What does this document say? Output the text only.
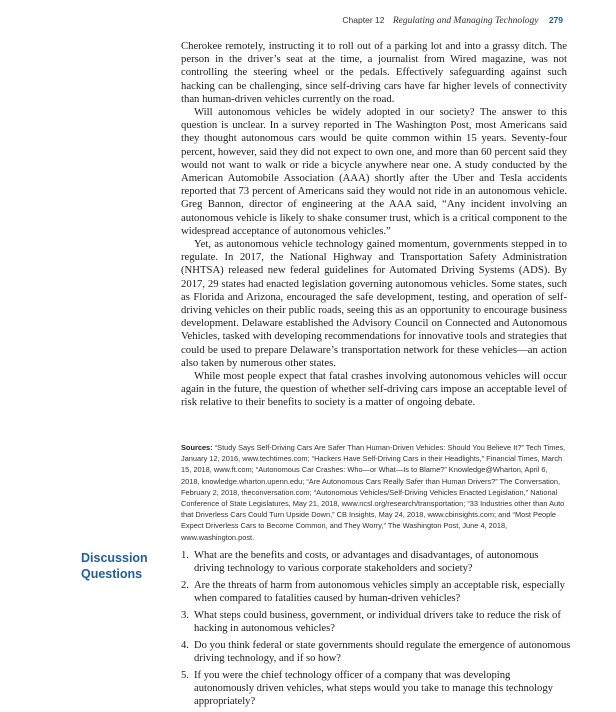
Chapter 12 Regulating and Managing Technology 279

Cherokee remotely, instructing it to roll out of a parking lot and into a grassy ditch. The person in the driver’s seat at the time, a journalist from Wired magazine, was not controlling the steering wheel or the pedals. Effectively safeguarding against such hacking can be challenging, since self-driving cars have far higher levels of connectivity than human-driven vehicles currently on the road.

Will autonomous vehicles be widely adopted in our society? The answer to this question is unclear. In a survey reported in The Washington Post, most Americans said they thought autonomous cars would be quite common within 15 years. Seventy-four percent, however, said they did not expect to own one, and more than 60 percent said they would not want to walk or ride a bicycle anywhere near one. A study conducted by the American Automobile Association (AAA) shortly after the Uber and Tesla accidents reported that 73 percent of Americans said they would not ride in an autonomous vehicle. Greg Bannon, director of engineering at the AAA said, “Any incident involving an autonomous vehicle is likely to shake consumer trust, which is a critical component to the widespread acceptance of autonomous vehicles.”

Yet, as autonomous vehicle technology gained momentum, governments stepped in to regulate. In 2017, the National Highway and Transportation Safety Administration (NHTSA) released new federal guidelines for Automated Driving Systems (ADS). By 2017, 29 states had enacted legislation governing autonomous vehicles. Some states, such as Florida and Arizona, encouraged the safe development, testing, and operation of self-driving vehicles on their public roads, seeing this as an opportunity to encourage business development. Delaware established the Advisory Council on Connected and Autonomous Vehicles, tasked with developing recommendations for innovative tools and strategies that could be used to prepare Delaware’s transportation network for these vehicles—an action also taken by numerous other states.

While most people expect that fatal crashes involving autonomous vehicles will occur again in the future, the question of whether self-driving cars impose an acceptable level of risk relative to their benefits to society is a matter of ongoing debate.

Sources: “Study Says Self-Driving Cars Are Safer Than Human-Driven Vehicles: Should You Believe It?” Tech Times, January 12, 2016, www.techtimes.com; “Hackers Have Self-Driving Cars in their Headlights,” Financial Times, March 15, 2018, www.ft.com; “Autonomous Car Crashes: Who—or What—Is to Blame?” Knowledge@Wharton, April 6, 2018, knowledge.wharton.upenn.edu; “Are Autonomous Cars Really Safer than Human Drivers?” The Conversation, February 2, 2018, theconversation.com; “Autonomous Vehicles/Self-Driving Vehicles Enacted Legislation,” National Conference of State Legislatures, May 21, 2018, www.ncsl.org/research/transportation; “33 Industries other than Auto that Driverless Cars Could Turn Upside Down,” CB Insights, May 24, 2018, www.cbinsights.com; and “Most People Expect Driverless Cars to Become Common, and They Worry,” The Washington Post, June 4, 2018, www.washington.post.
Discussion Questions
1. What are the benefits and costs, or advantages and disadvantages, of autonomous driving technology to various corporate stakeholders and society?
2. Are the threats of harm from autonomous vehicles simply an acceptable risk, especially when compared to fatalities caused by human-driven vehicles?
3. What steps could business, government, or individual drivers take to reduce the risk of hacking in autonomous vehicles?
4. Do you think federal or state governments should regulate the emergence of autonomous driving technology, and if so how?
5. If you were the chief technology officer of a company that was developing autonomously driven vehicles, what steps would you take to manage this technology appropriately?
